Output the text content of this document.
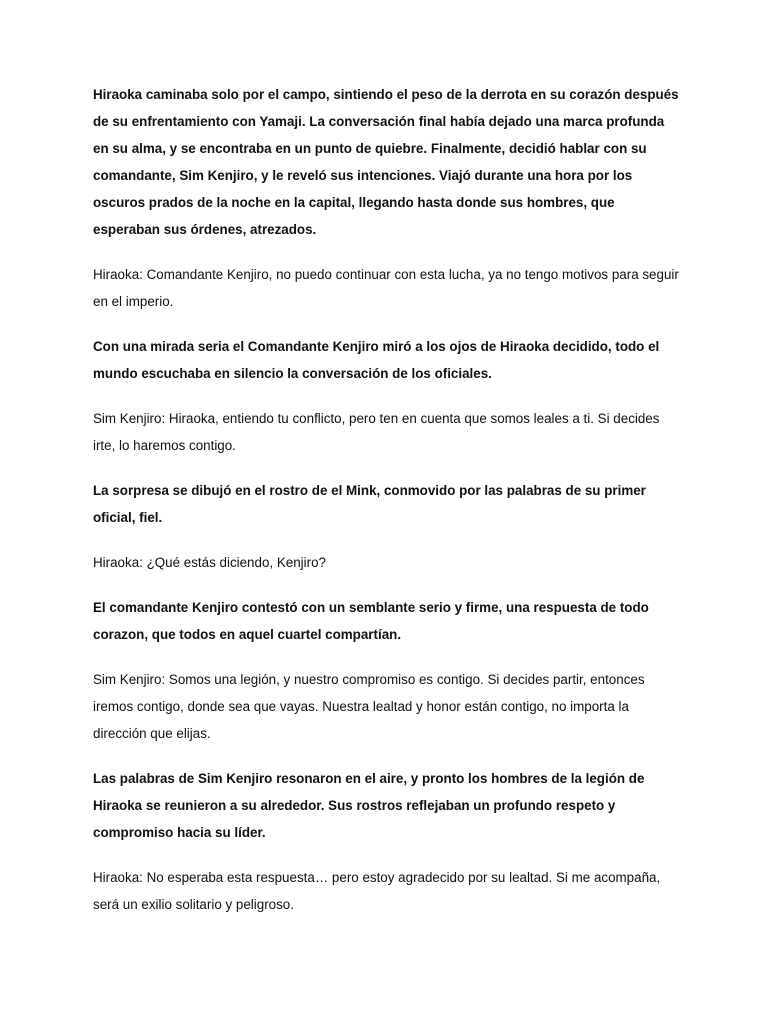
Hiraoka caminaba solo por el campo, sintiendo el peso de la derrota en su corazón después de su enfrentamiento con Yamaji. La conversación final había dejado una marca profunda en su alma, y se encontraba en un punto de quiebre. Finalmente, decidió hablar con su comandante, Sim Kenjiro, y le reveló sus intenciones. Viajó durante una hora por los oscuros prados de la noche en la capital, llegando hasta donde sus hombres, que esperaban sus órdenes, atrezados.

Hiraoka: Comandante Kenjiro, no puedo continuar con esta lucha, ya no tengo motivos para seguir en el imperio.

Con una mirada seria el Comandante Kenjiro miró a los ojos de Hiraoka decidido, todo el mundo escuchaba en silencio la conversación de los oficiales.

Sim Kenjiro: Hiraoka, entiendo tu conflicto, pero ten en cuenta que somos leales a ti. Si decides irte, lo haremos contigo.

La sorpresa se dibujó en el rostro de el Mink, conmovido por las palabras de su primer oficial, fiel.

Hiraoka: ¿Qué estás diciendo, Kenjiro?

El comandante Kenjiro contestó con un semblante serio y firme, una respuesta de todo corazon, que todos en aquel cuartel compartían.

Sim Kenjiro: Somos una legión, y nuestro compromiso es contigo. Si decides partir, entonces iremos contigo, donde sea que vayas. Nuestra lealtad y honor están contigo, no importa la dirección que elijas.

Las palabras de Sim Kenjiro resonaron en el aire, y pronto los hombres de la legión de Hiraoka se reunieron a su alrededor. Sus rostros reflejaban un profundo respeto y compromiso hacia su líder.

Hiraoka: No esperaba esta respuesta… pero estoy agradecido por su lealtad. Si me acompaña, será un exilio solitario y peligroso.
